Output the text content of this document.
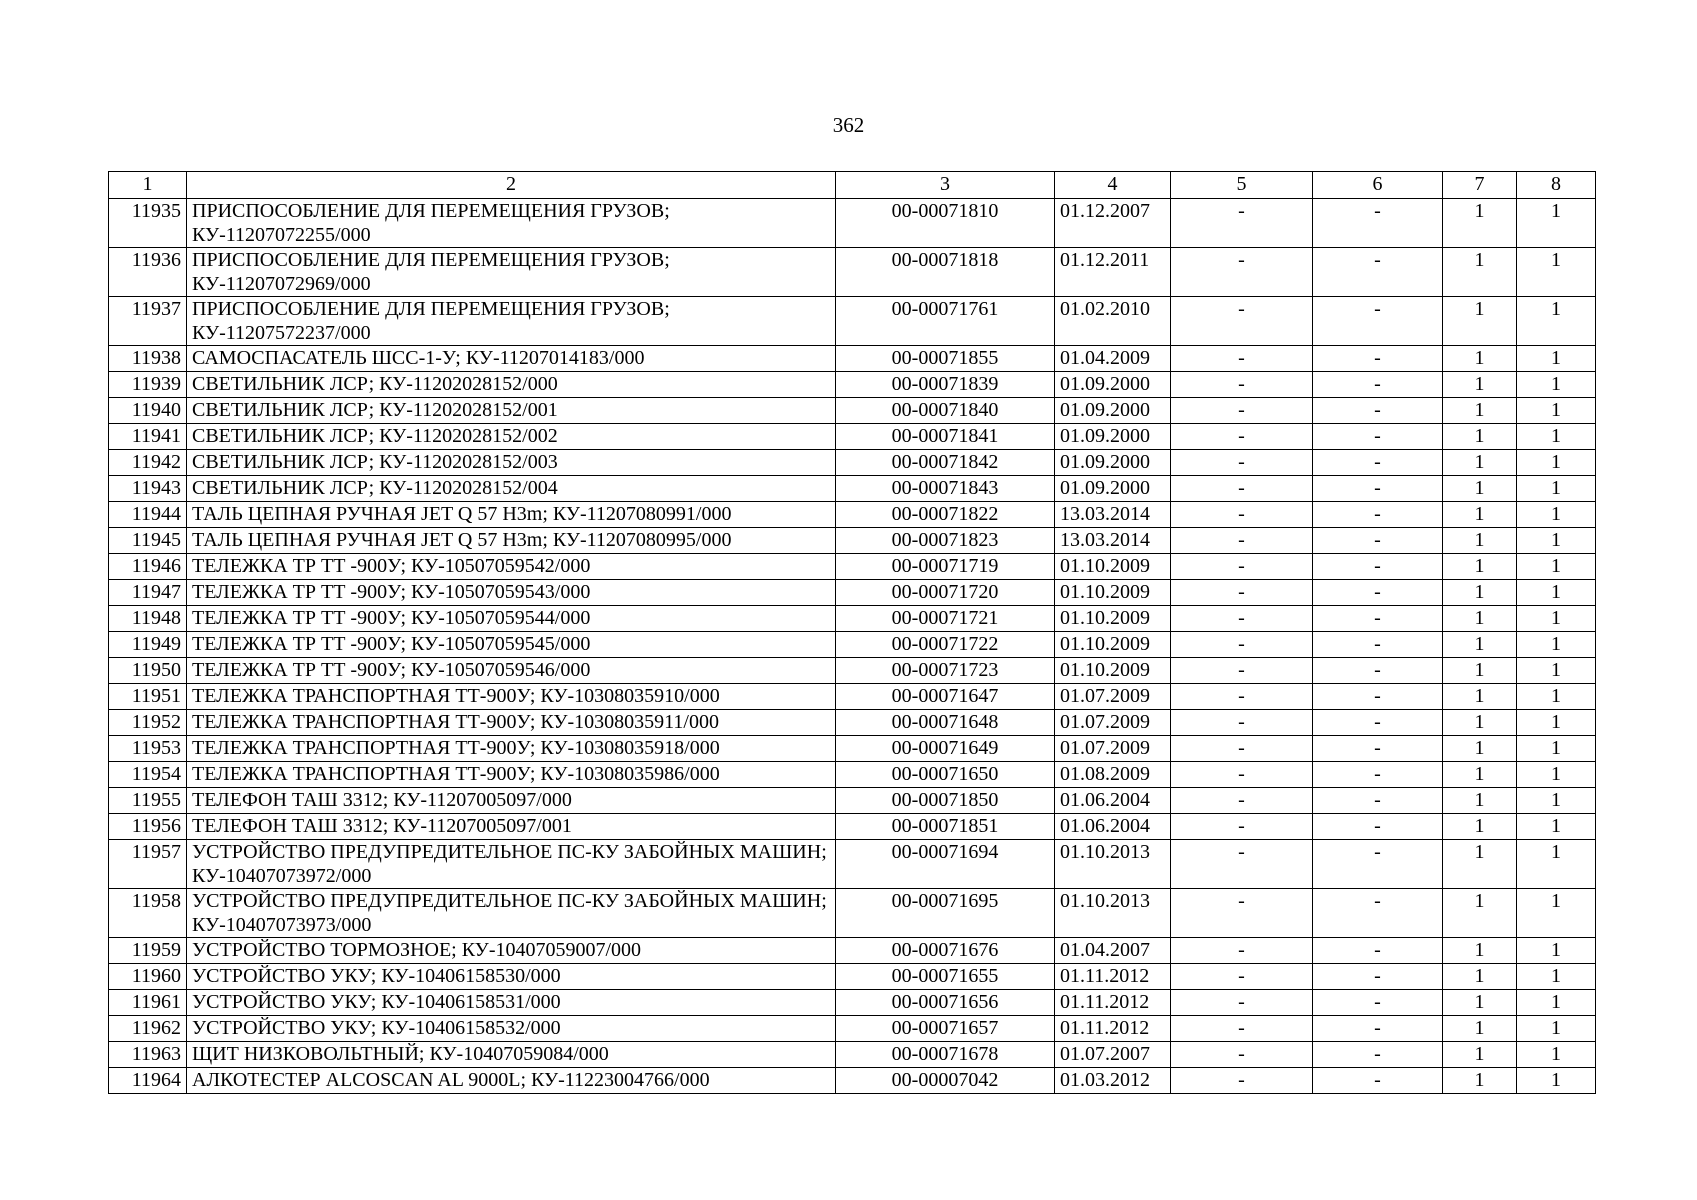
362
1	2	3	4	5	6	7	8
11935	ПРИСПОСОБЛЕНИЕ ДЛЯ ПЕРЕМЕЩЕНИЯ ГРУЗОВ; КУ-11207072255/000	00-00071810	01.12.2007	-	-	1	1
11936	ПРИСПОСОБЛЕНИЕ ДЛЯ ПЕРЕМЕЩЕНИЯ ГРУЗОВ; КУ-11207072969/000	00-00071818	01.12.2011	-	-	1	1
11937	ПРИСПОСОБЛЕНИЕ ДЛЯ ПЕРЕМЕЩЕНИЯ ГРУЗОВ; КУ-11207572237/000	00-00071761	01.02.2010	-	-	1	1
11938	САМОСПАСАТЕЛЬ ШСС-1-У; КУ-11207014183/000	00-00071855	01.04.2009	-	-	1	1
11939	СВЕТИЛЬНИК ЛСР; КУ-11202028152/000	00-00071839	01.09.2000	-	-	1	1
11940	СВЕТИЛЬНИК ЛСР; КУ-11202028152/001	00-00071840	01.09.2000	-	-	1	1
11941	СВЕТИЛЬНИК ЛСР; КУ-11202028152/002	00-00071841	01.09.2000	-	-	1	1
11942	СВЕТИЛЬНИК ЛСР; КУ-11202028152/003	00-00071842	01.09.2000	-	-	1	1
11943	СВЕТИЛЬНИК ЛСР; КУ-11202028152/004	00-00071843	01.09.2000	-	-	1	1
11944	ТАЛЬ ЦЕПНАЯ РУЧНАЯ JET Q 57 Н3m; КУ-11207080991/000	00-00071822	13.03.2014	-	-	1	1
11945	ТАЛЬ ЦЕПНАЯ РУЧНАЯ JET Q 57 Н3m; КУ-11207080995/000	00-00071823	13.03.2014	-	-	1	1
11946	ТЕЛЕЖКА ТР ТТ -900У; КУ-10507059542/000	00-00071719	01.10.2009	-	-	1	1
11947	ТЕЛЕЖКА ТР ТТ -900У; КУ-10507059543/000	00-00071720	01.10.2009	-	-	1	1
11948	ТЕЛЕЖКА ТР ТТ -900У; КУ-10507059544/000	00-00071721	01.10.2009	-	-	1	1
11949	ТЕЛЕЖКА ТР ТТ -900У; КУ-10507059545/000	00-00071722	01.10.2009	-	-	1	1
11950	ТЕЛЕЖКА ТР ТТ -900У; КУ-10507059546/000	00-00071723	01.10.2009	-	-	1	1
11951	ТЕЛЕЖКА ТРАНСПОРТНАЯ ТТ-900У; КУ-10308035910/000	00-00071647	01.07.2009	-	-	1	1
11952	ТЕЛЕЖКА ТРАНСПОРТНАЯ ТТ-900У; КУ-10308035911/000	00-00071648	01.07.2009	-	-	1	1
11953	ТЕЛЕЖКА ТРАНСПОРТНАЯ ТТ-900У; КУ-10308035918/000	00-00071649	01.07.2009	-	-	1	1
11954	ТЕЛЕЖКА ТРАНСПОРТНАЯ ТТ-900У; КУ-10308035986/000	00-00071650	01.08.2009	-	-	1	1
11955	ТЕЛЕФОН ТАШ 3312; КУ-11207005097/000	00-00071850	01.06.2004	-	-	1	1
11956	ТЕЛЕФОН ТАШ 3312; КУ-11207005097/001	00-00071851	01.06.2004	-	-	1	1
11957	УСТРОЙСТВО ПРЕДУПРЕДИТЕЛЬНОЕ ПС-КУ ЗАБОЙНЫХ МАШИН; КУ-10407073972/000	00-00071694	01.10.2013	-	-	1	1
11958	УСТРОЙСТВО ПРЕДУПРЕДИТЕЛЬНОЕ ПС-КУ ЗАБОЙНЫХ МАШИН; КУ-10407073973/000	00-00071695	01.10.2013	-	-	1	1
11959	УСТРОЙСТВО ТОРМОЗНОЕ; КУ-10407059007/000	00-00071676	01.04.2007	-	-	1	1
11960	УСТРОЙСТВО УКУ; КУ-10406158530/000	00-00071655	01.11.2012	-	-	1	1
11961	УСТРОЙСТВО УКУ; КУ-10406158531/000	00-00071656	01.11.2012	-	-	1	1
11962	УСТРОЙСТВО УКУ; КУ-10406158532/000	00-00071657	01.11.2012	-	-	1	1
11963	ЩИТ НИЗКОВОЛЬТНЫЙ; КУ-10407059084/000	00-00071678	01.07.2007	-	-	1	1
11964	АЛКОТЕСТЕР ALCOSCAN AL 9000L; КУ-11223004766/000	00-00007042	01.03.2012	-	-	1	1
